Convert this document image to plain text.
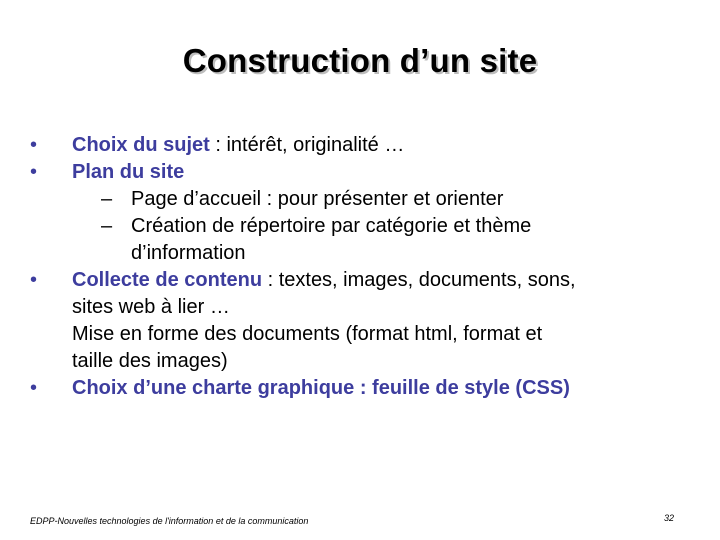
Construction d’un site
•	Choix du sujet : intérêt, originalité …
•	Plan du site
– Page d’accueil : pour présenter et orienter
– Création de répertoire par catégorie et thème
d’information
•	Collecte de contenu : textes, images, documents, sons,
sites web à lier …
Mise en forme des documents (format html, format et
taille des images)
•	Choix d’une charte graphique : feuille de style (CSS)
EDPP-Nouvelles technologies de l'information et de la communication	32
